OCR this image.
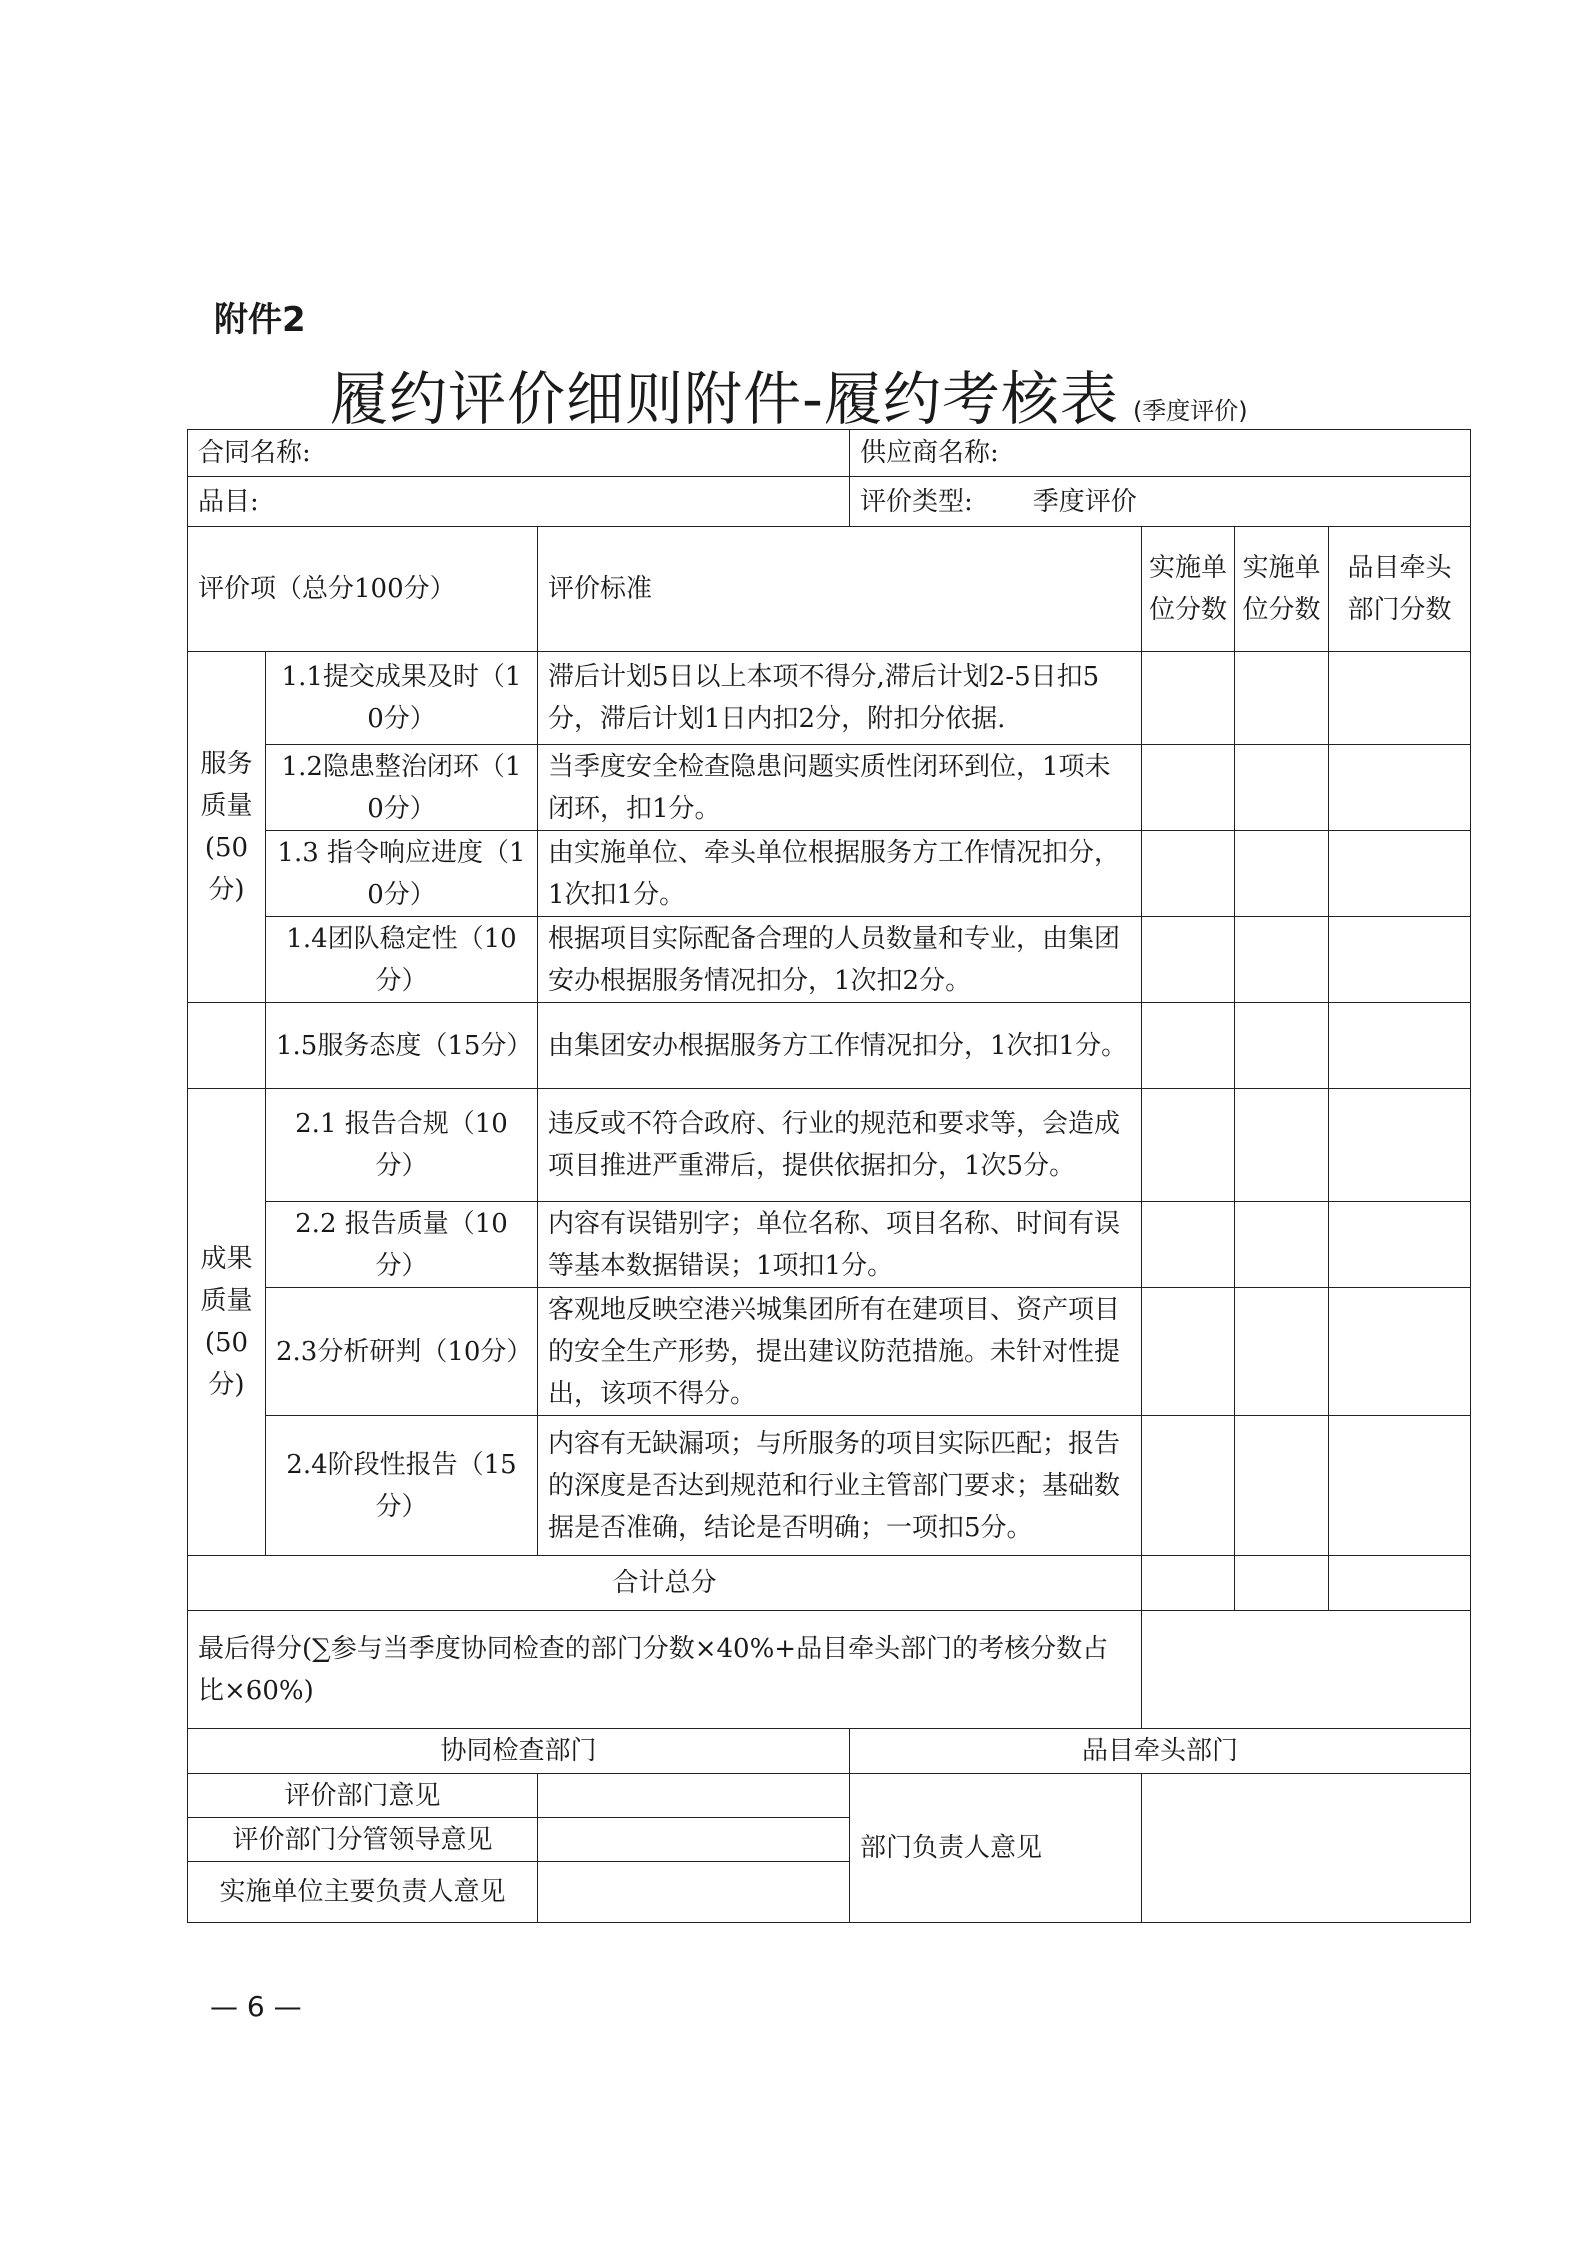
附件2
履约评价细则附件-履约考核表 (季度评价)
合同名称:			供应商名称:			
品目:			评价类型: 季度评价			
评价项（总分100分）		评价标准		实施单位分数	实施单位分数	品目牵头部门分数
服务质量(50分)	1.1提交成果及时（10分）	滞后计划5日以上本项不得分,滞后计划2-5日扣5分，滞后计划1日内扣2分，附扣分依据.				
	1.2隐患整治闭环（10分）	当季度安全检查隐患问题实质性闭环到位，1项未闭环，扣1分。				
	1.3 指令响应进度（10分）	由实施单位、牵头单位根据服务方工作情况扣分，1次扣1分。				
	1.4团队稳定性（10分）	根据项目实际配备合理的人员数量和专业，由集团安办根据服务情况扣分，1次扣2分。				
	1.5服务态度（15分）	由集团安办根据服务方工作情况扣分，1次扣1分。				
成果质量(50分)	2.1 报告合规（10分）	违反或不符合政府、行业的规范和要求等，会造成项目推进严重滞后，提供依据扣分，1次5分。				
	2.2 报告质量（10分）	内容有误错别字；单位名称、项目名称、时间有误等基本数据错误；1项扣1分。				
	2.3分析研判（10分）	客观地反映空港兴城集团所有在建项目、资产项目的安全生产形势，提出建议防范措施。未针对性提出，该项不得分。				
	2.4阶段性报告（15分）	内容有无缺漏项；与所服务的项目实际匹配；报告的深度是否达到规范和行业主管部门要求；基础数据是否准确，结论是否明确；一项扣5分。				
合计总分						
最后得分(∑参与当季度协同检查的部门分数×40%+品目牵头部门的考核分数占比×60%)						
协同检查部门			品目牵头部门			
评价部门意见			部门负责人意见			
评价部门分管领导意见						
实施单位主要负责人意见						
— 6 —
